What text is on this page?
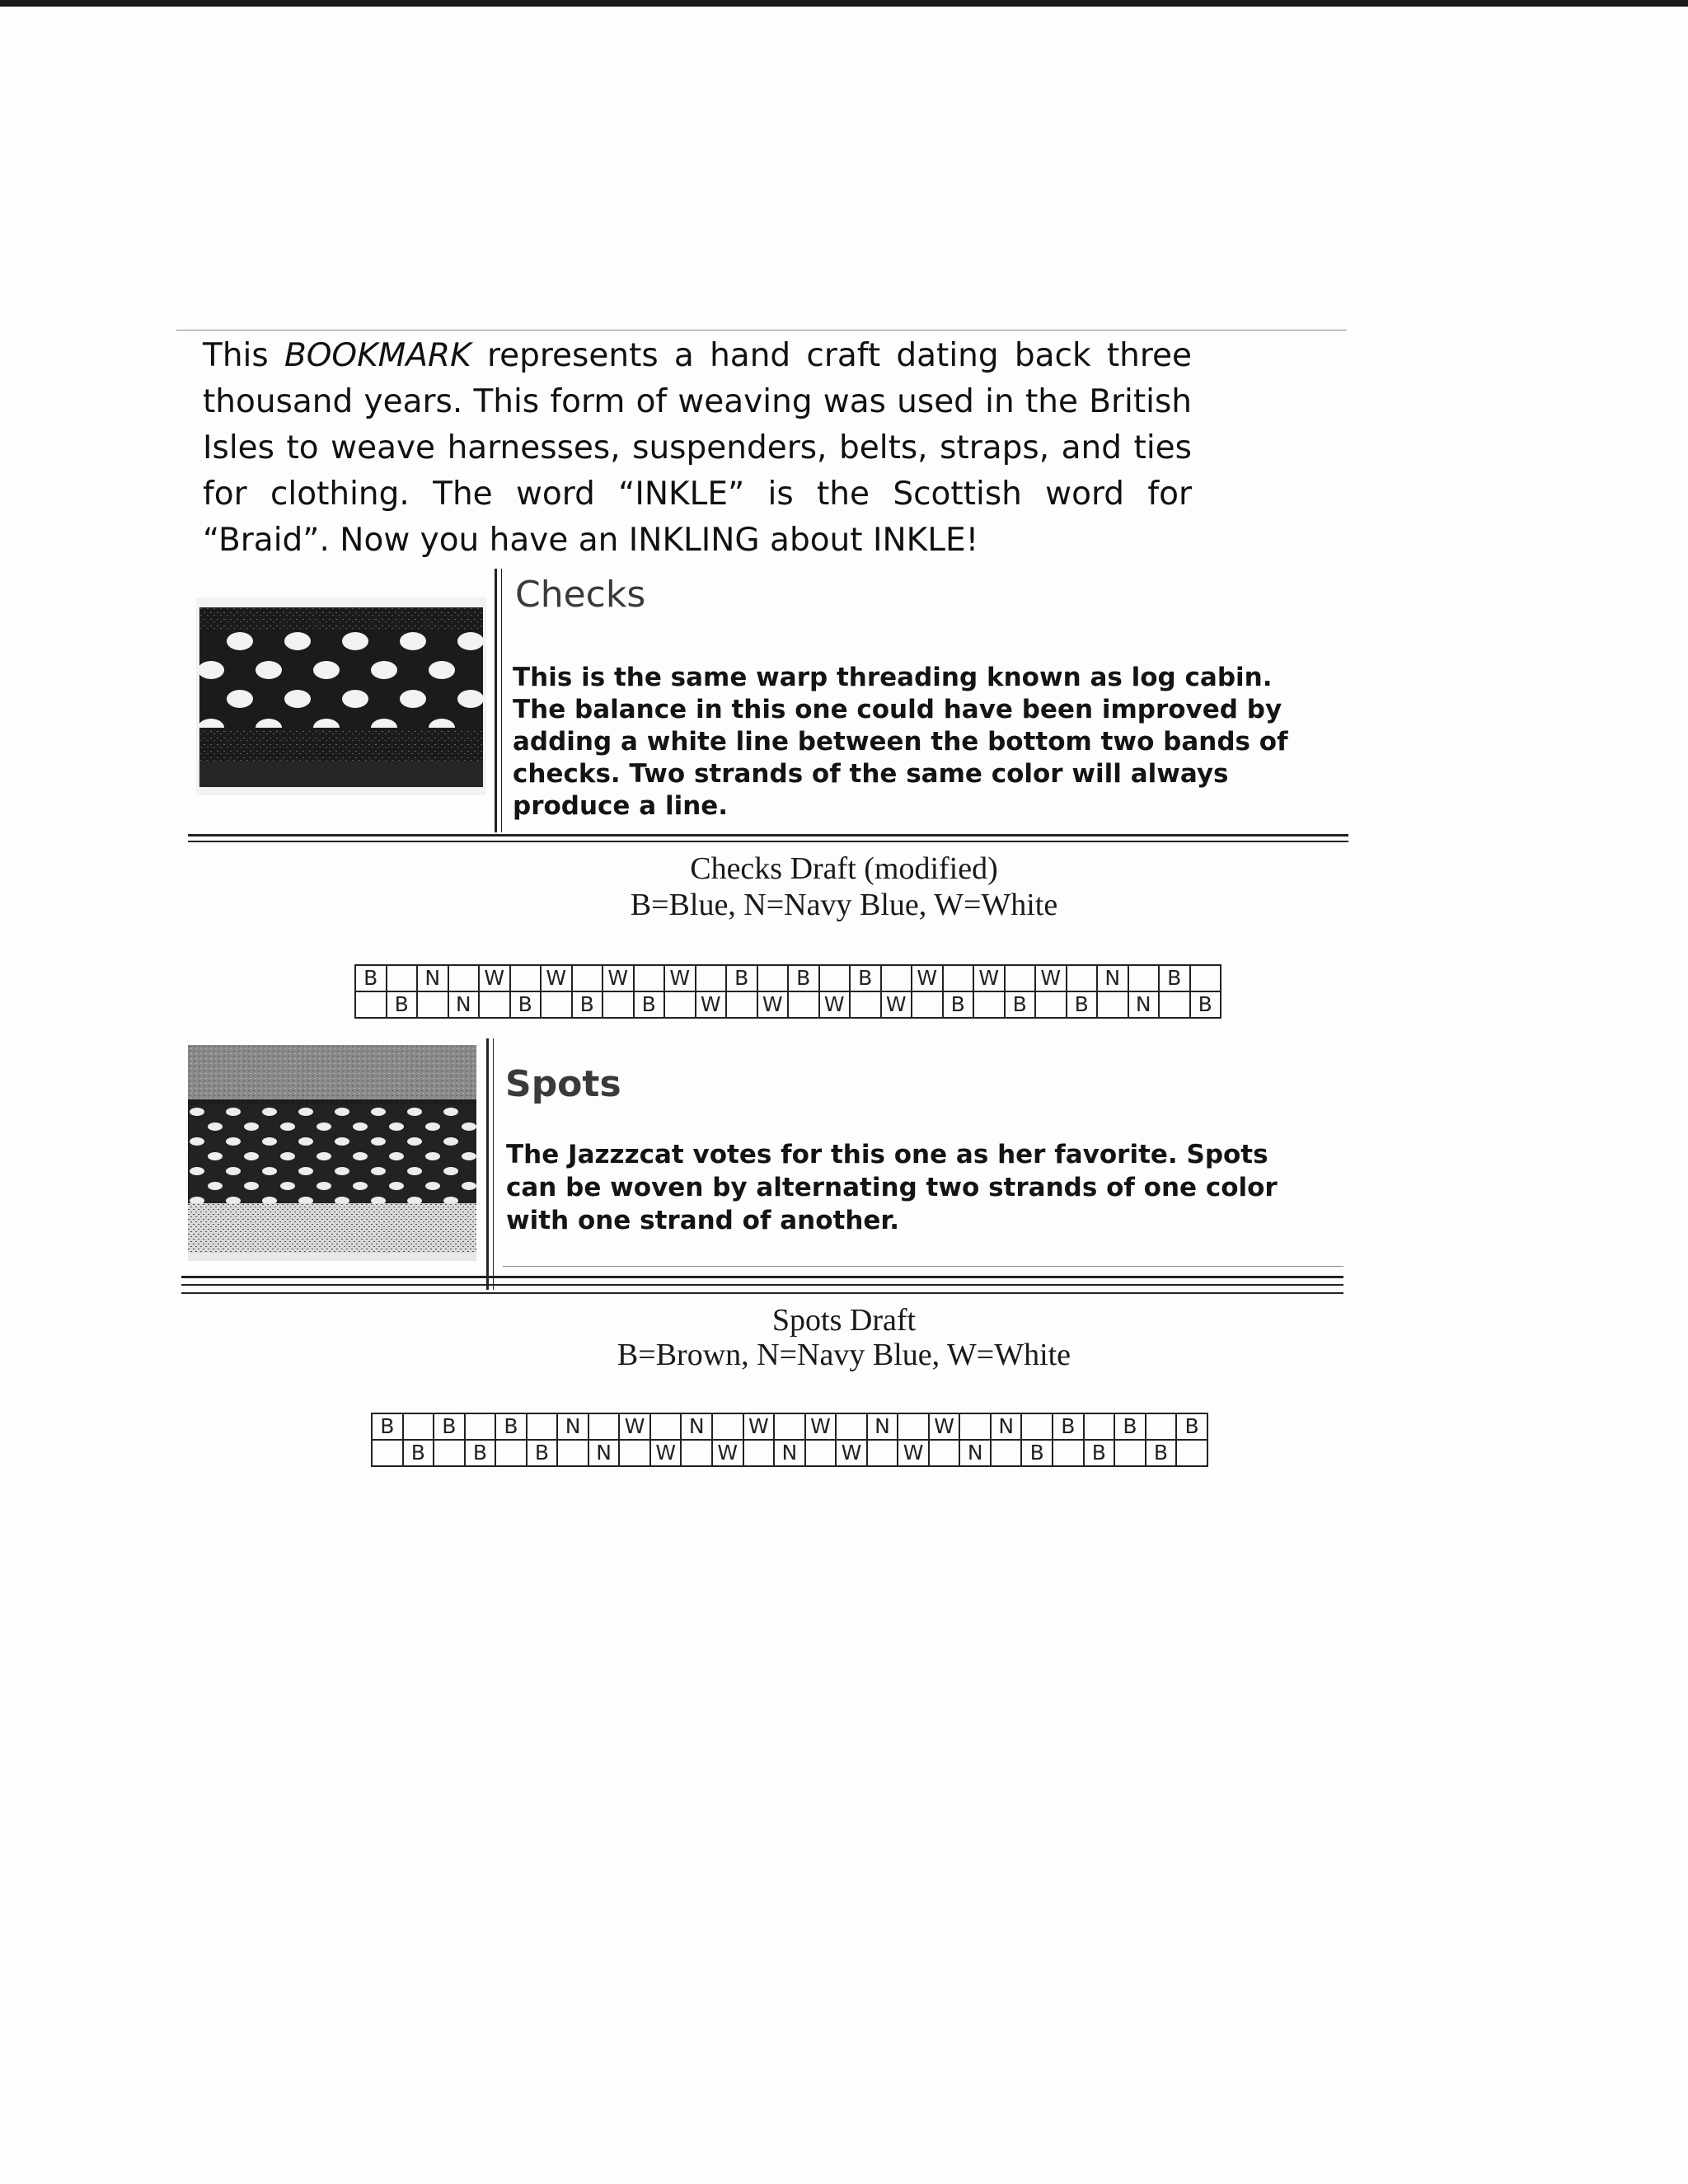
This BOOKMARK represents a hand craft dating back three
thousand years. This form of weaving was used in the British
Isles to weave harnesses, suspenders, belts, straps, and ties
for clothing. The word “INKLE” is the Scottish word for
“Braid”. Now you have an INKLING about INKLE!
Checks
This is the same warp threading known as log cabin.
The balance in this one could have been improved by
adding a white line between the bottom two bands of
checks. Two strands of the same color will always
produce a line.
Checks Draft (modified)
B=Blue, N=Navy Blue, W=White
B		N		W		W		W		W		B		B		B		W		W		W		N		B	
	B		N		B		B		B		W		W		W		W		B		B		B		N		B
Spots
The Jazzzcat votes for this one as her favorite. Spots
can be woven by alternating two strands of one color
with one strand of another.
Spots Draft
B=Brown, N=Navy Blue, W=White
B		B		B		N		W		N		W		W		N		W		N		B		B		B
	B		B		B		N		W		W		N		W		W		N		B		B		B	
